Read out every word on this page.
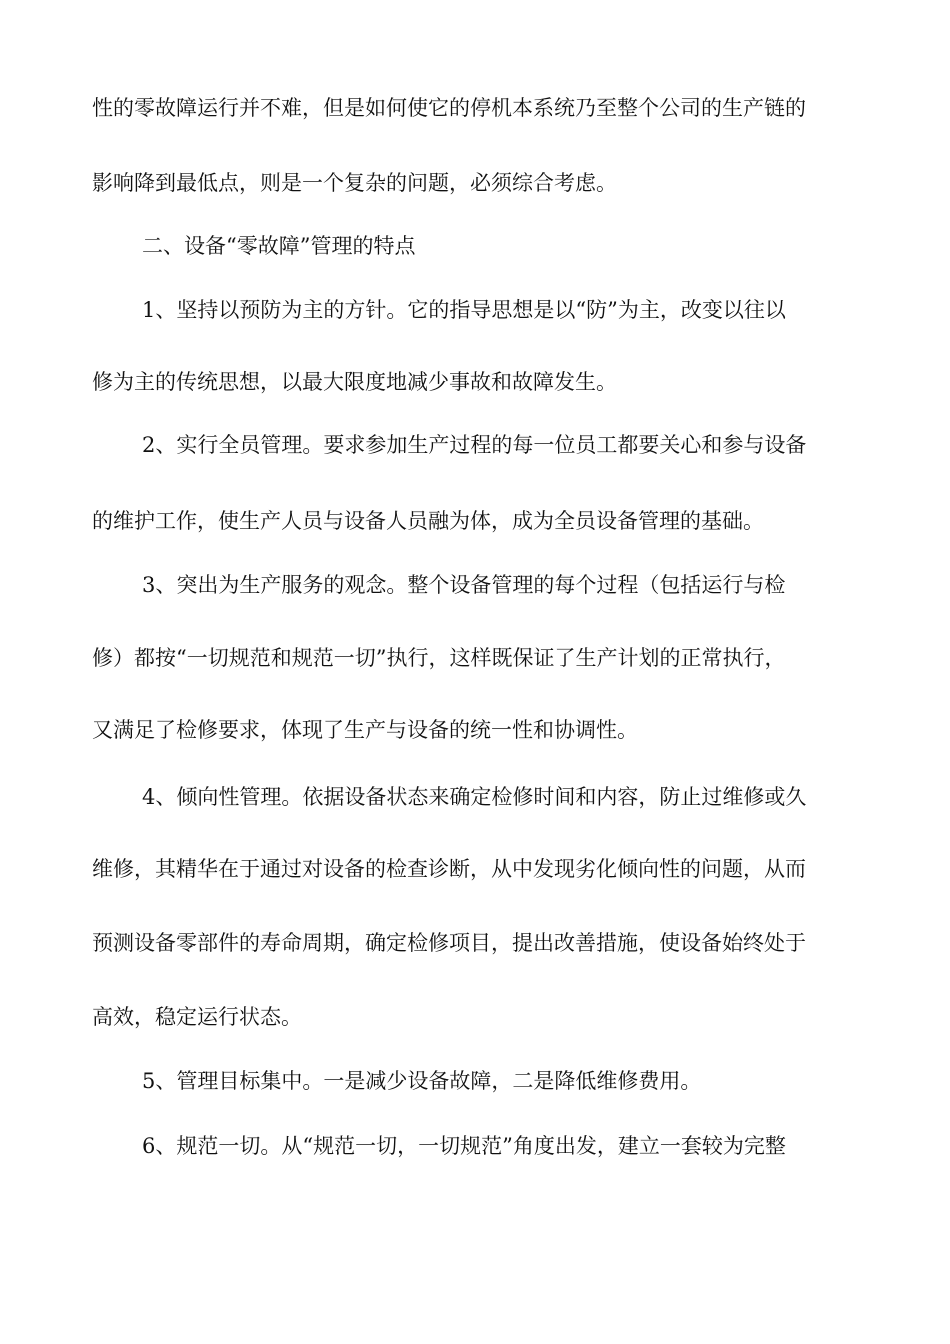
性的零故障运行并不难，但是如何使它的停机本系统乃至整个公司的生产链的
影响降到最低点，则是一个复杂的问题，必须综合考虑。
二、设备“零故障”管理的特点
1、坚持以预防为主的方针。它的指导思想是以“防”为主，改变以往以
修为主的传统思想，以最大限度地减少事故和故障发生。
2、实行全员管理。要求参加生产过程的每一位员工都要关心和参与设备
的维护工作，使生产人员与设备人员融为体，成为全员设备管理的基础。
3、突出为生产服务的观念。整个设备管理的每个过程（包括运行与检
修）都按“一切规范和规范一切”执行，这样既保证了生产计划的正常执行，
又满足了检修要求，体现了生产与设备的统一性和协调性。
4、倾向性管理。依据设备状态来确定检修时间和内容，防止过维修或久
维修，其精华在于通过对设备的检查诊断，从中发现劣化倾向性的问题，从而
预测设备零部件的寿命周期，确定检修项目，提出改善措施，使设备始终处于
高效，稳定运行状态。
5、管理目标集中。一是减少设备故障，二是降低维修费用。
6、规范一切。从“规范一切，一切规范”角度出发，建立一套较为完整
